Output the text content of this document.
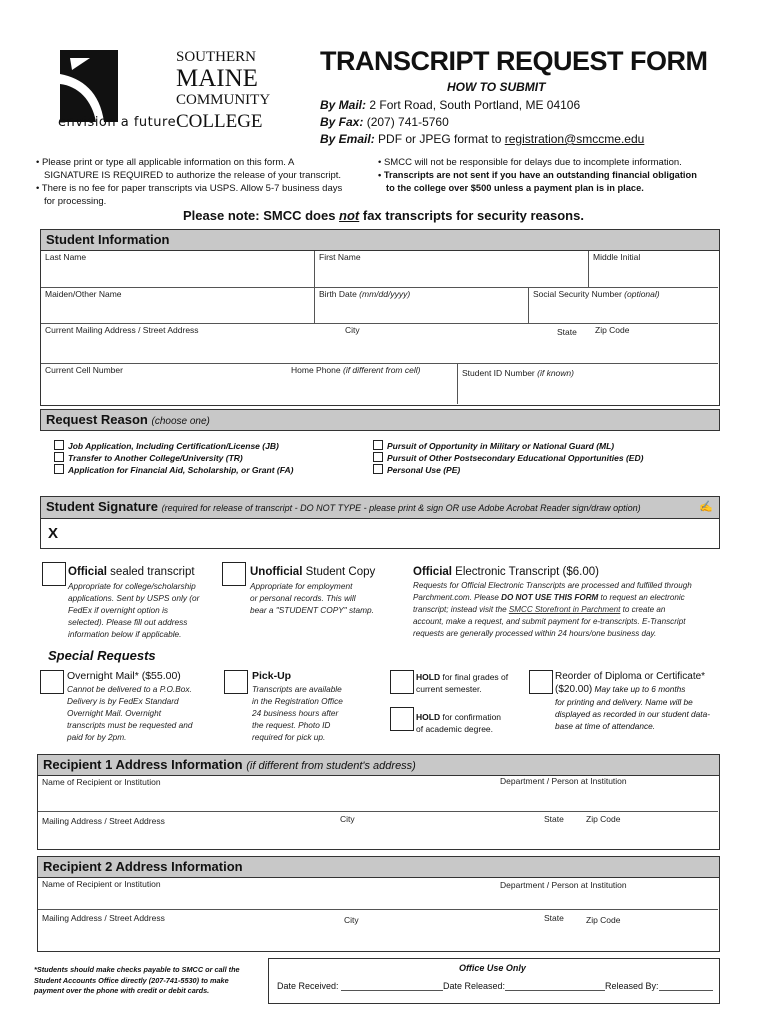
SOUTHERN
MAINE
COMMUNITY
envision a future COLLEGE
TRANSCRIPT REQUEST FORM
HOW TO SUBMIT
By Mail: 2 Fort Road, South Portland, ME 04106
By Fax: (207) 741-5760
By Email: PDF or JPEG format to registration@smccme.edu
• Please print or type all applicable information on this form. A
SIGNATURE IS REQUIRED to authorize the release of your transcript.
• There is no fee for paper transcripts via USPS. Allow 5-7 business days
for processing.
• SMCC will not be responsible for delays due to incomplete information.
• Transcripts are not sent if you have an outstanding financial obligation
to the college over $500 unless a payment plan is in place.
Please note: SMCC does not fax transcripts for security reasons.
Student Information
Last Name	First Name	Middle Initial
Maiden/Other Name	Birth Date (mm/dd/yyyy)	Social Security Number (optional)
Current Mailing Address / Street Address	City	State Zip Code
Current Cell Number	Home Phone (if different from cell)	Student ID Number (if known)
Request Reason (choose one)
Job Application, Including Certification/License (JB)
Transfer to Another College/University (TR)
Application for Financial Aid, Scholarship, or Grant (FA)
Pursuit of Opportunity in Military or National Guard (ML)
Pursuit of Other Postsecondary Educational Opportunities (ED)
Personal Use (PE)
Student Signature (required for release of transcript - DO NOT TYPE - please print & sign OR use Adobe Acrobat Reader sign/draw option)	✍
X
Official sealed transcript
Appropriate for college/scholarship
applications. Sent by USPS only (or
FedEx if overnight option is
selected). Please fill out address
information below if applicable.
Unofficial Student Copy
Appropriate for employment
or personal records. This will
bear a "STUDENT COPY" stamp.
Official Electronic Transcript ($6.00)
Requests for Official Electronic Transcripts are processed and fulfilled through
Parchment.com. Please DO NOT USE THIS FORM to request an electronic
transcript; instead visit the SMCC Storefront in Parchment to create an
account, make a request, and submit payment for e-transcripts. E-Transcript
requests are generally processed within 24 hours/one business day.
Special Requests
Overnight Mail* ($55.00)
Cannot be delivered to a P.O.Box.
Delivery is by FedEx Standard
Overnight Mail. Overnight
transcripts must be requested and
paid for by 2pm.
Pick-Up
Transcripts are available
in the Registration Office
24 business hours after
the request. Photo ID
required for pick up.
HOLD for final grades of
current semester.
HOLD for confirmation
of academic degree.
Reorder of Diploma or Certificate*
($20.00) May take up to 6 months
for printing and delivery. Name will be
displayed as recorded in our student data-
base at time of attendance.
Recipient 1 Address Information (if different from student's address)
Name of Recipient or Institution	Department / Person at Institution
Mailing Address / Street Address	City	State	Zip Code
Recipient 2 Address Information
Name of Recipient or Institution	Department / Person at Institution
Mailing Address / Street Address	City	State	Zip Code
*Students should make checks payable to SMCC or call the
Student Accounts Office directly (207-741-5530) to make
payment over the phone with credit or debit cards.
Office Use Only
Date Received:	Date Released:	Released By:
